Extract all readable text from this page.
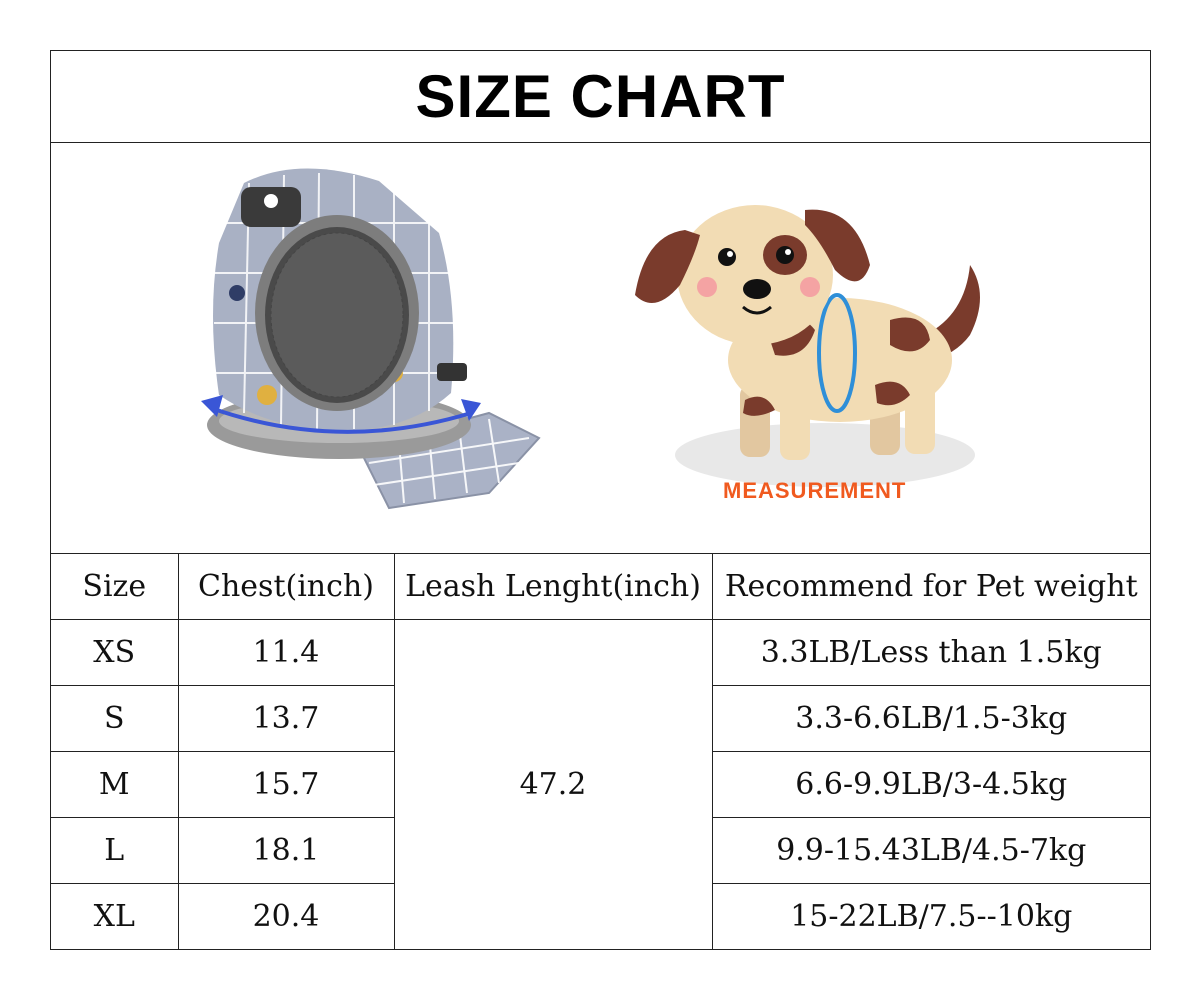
SIZE CHART
MEASUREMENT
Size	Chest(inch)	Leash Lenght(inch)	Recommend for Pet weight
XS	11.4	47.2	3.3LB/Less than 1.5kg
S	13.7		3.3-6.6LB/1.5-3kg
M	15.7		6.6-9.9LB/3-4.5kg
L	18.1		9.9-15.43LB/4.5-7kg
XL	20.4		15-22LB/7.5--10kg
